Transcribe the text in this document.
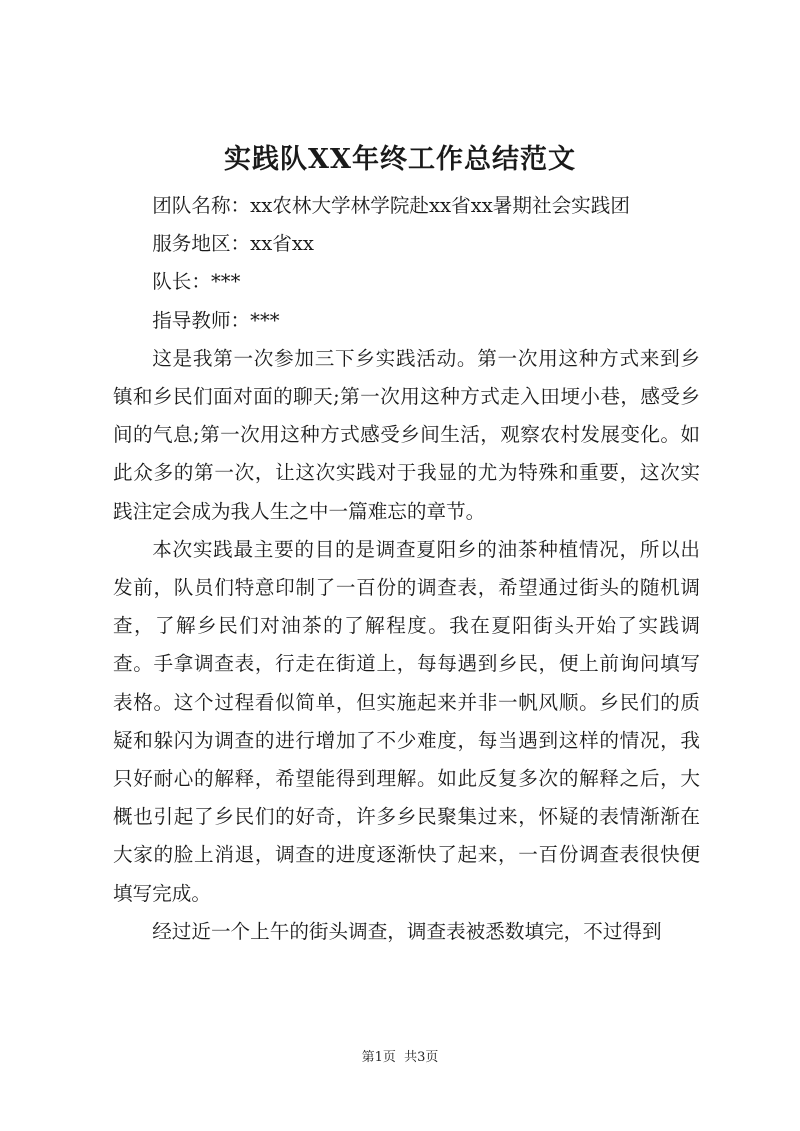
实践队XX年终工作总结范文

团队名称：xx农林大学林学院赴xx省xx暑期社会实践团

服务地区：xx省xx

队长：***

指导教师：***

这是我第一次参加三下乡实践活动。第一次用这种方式来到乡镇和乡民们面对面的聊天;第一次用这种方式走入田埂小巷，感受乡间的气息;第一次用这种方式感受乡间生活，观察农村发展变化。如此众多的第一次，让这次实践对于我显的尤为特殊和重要，这次实践注定会成为我人生之中一篇难忘的章节。

本次实践最主要的目的是调查夏阳乡的油茶种植情况，所以出发前，队员们特意印制了一百份的调查表，希望通过街头的随机调查，了解乡民们对油茶的了解程度。我在夏阳街头开始了实践调查。手拿调查表，行走在街道上，每每遇到乡民，便上前询问填写表格。这个过程看似简单，但实施起来并非一帆风顺。乡民们的质疑和躲闪为调查的进行增加了不少难度，每当遇到这样的情况，我只好耐心的解释，希望能得到理解。如此反复多次的解释之后，大概也引起了乡民们的好奇，许多乡民聚集过来，怀疑的表情渐渐在大家的脸上消退，调查的进度逐渐快了起来，一百份调查表很快便填写完成。

经过近一个上午的街头调查，调查表被悉数填完，不过得到

第1页  共3页
